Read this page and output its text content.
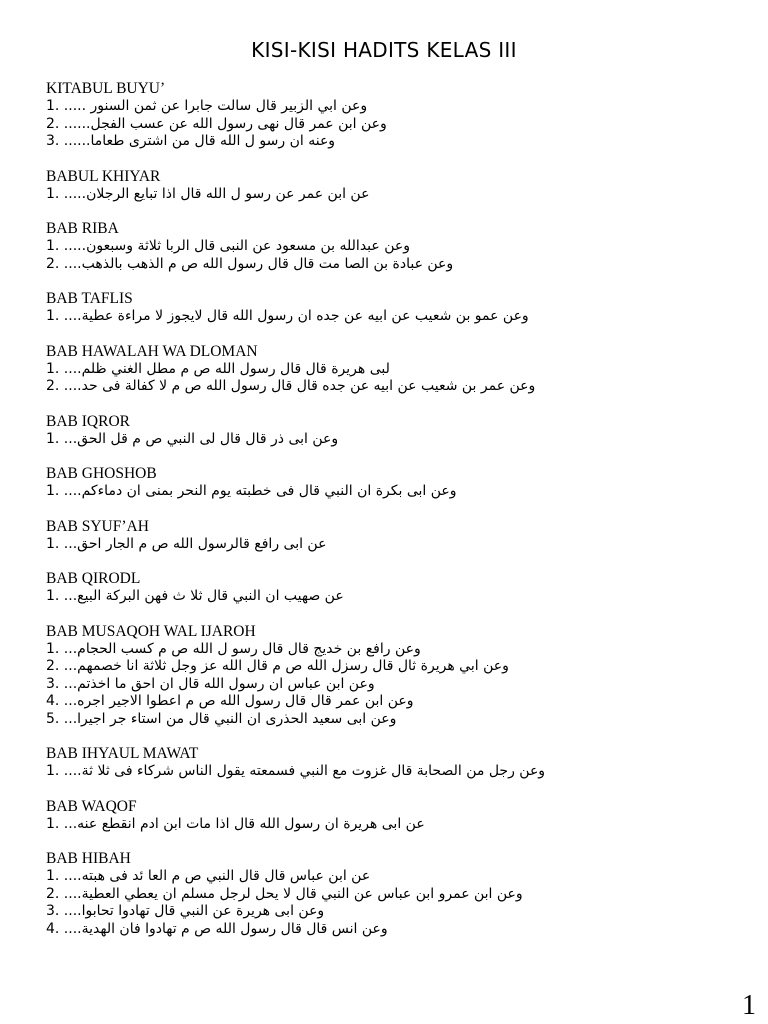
KISI-KISI HADITS KELAS III
KITABUL BUYU’
1. ..... وعن ابي الزبير قال سالت جابرا عن ثمن السنور
2. ......وعن ابن عمر قال نهى رسول الله عن عسب الفجل
3. ......وعنه ان رسو ل الله قال من اشترى طعاما
BABUL KHIYAR
1. .....عن ابن عمر عن رسو ل الله قال اذا تبايع الرجلان
BAB RIBA
1. .....وعن عبدالله بن مسعود عن النبى قال الربا ثلاثة وسبعون
2. ....وعن عبادة بن الصا مت قال قال رسول الله ص م الذهب بالذهب
BAB TAFLIS
1. ....وعن عمو بن شعيب عن ابيه عن جده ان رسول الله قال لايجوز لا مراءة عطية
BAB HAWALAH WA DLOMAN
1. ....لبى هريرة قال قال رسول الله ص م مطل الغني ظلم
2. ....وعن عمر بن شعيب عن ابيه عن جده قال قال رسول الله ص م لا كفالة فى حد
BAB IQROR
1. ...وعن ابى ذر قال قال لى النبي ص م قل الحق
BAB GHOSHOB
1. ....وعن ابى بكرة ان النبي قال فى خطبته يوم النحر بمنى ان دماءكم
BAB SYUF’AH
1. ...عن ابى رافع قالرسول الله ص م الجار احق
BAB QIRODL
1. ...عن صهيب ان النبي قال ثلا ث فهن البركة البيع
BAB MUSAQOH WAL IJAROH
1. ...وعن رافع بن خديج قال قال رسو ل الله ص م كسب الحجام
2. ...وعن ابي هريرة ثال قال رسزل الله ص م قال الله عز وجل ثلاثة انا خصمهم
3. ...وعن ابن عباس ان رسول الله قال ان احق ما اخذتم
4. ...وعن ابن عمر قال قال رسول الله ص م اعطوا الاجير اجره
5. ...وعن ابى سعيد الحذرى ان النبي قال من استاء جر اجيرا
BAB IHYAUL MAWAT
1. ....وعن رجل من الصحابة قال غزوت مع النبي فسمعته يقول الناس شركاء فى ثلا ثة
BAB WAQOF
1. ...عن ابى هريرة ان رسول الله قال اذا مات ابن ادم انقطع عنه
BAB HIBAH
1. ....عن ابن عباس قال قال النبي ص م العا ئد فى هبته
2. ....وعن ابن عمرو ابن عباس عن النبي قال لا يحل لرجل مسلم ان يعطي العطية
3. ....وعن ابى هريرة عن النبي قال تهادوا تحابوا
4. ....وعن انس قال قال رسول الله ص م تهادوا فان الهدية
1
